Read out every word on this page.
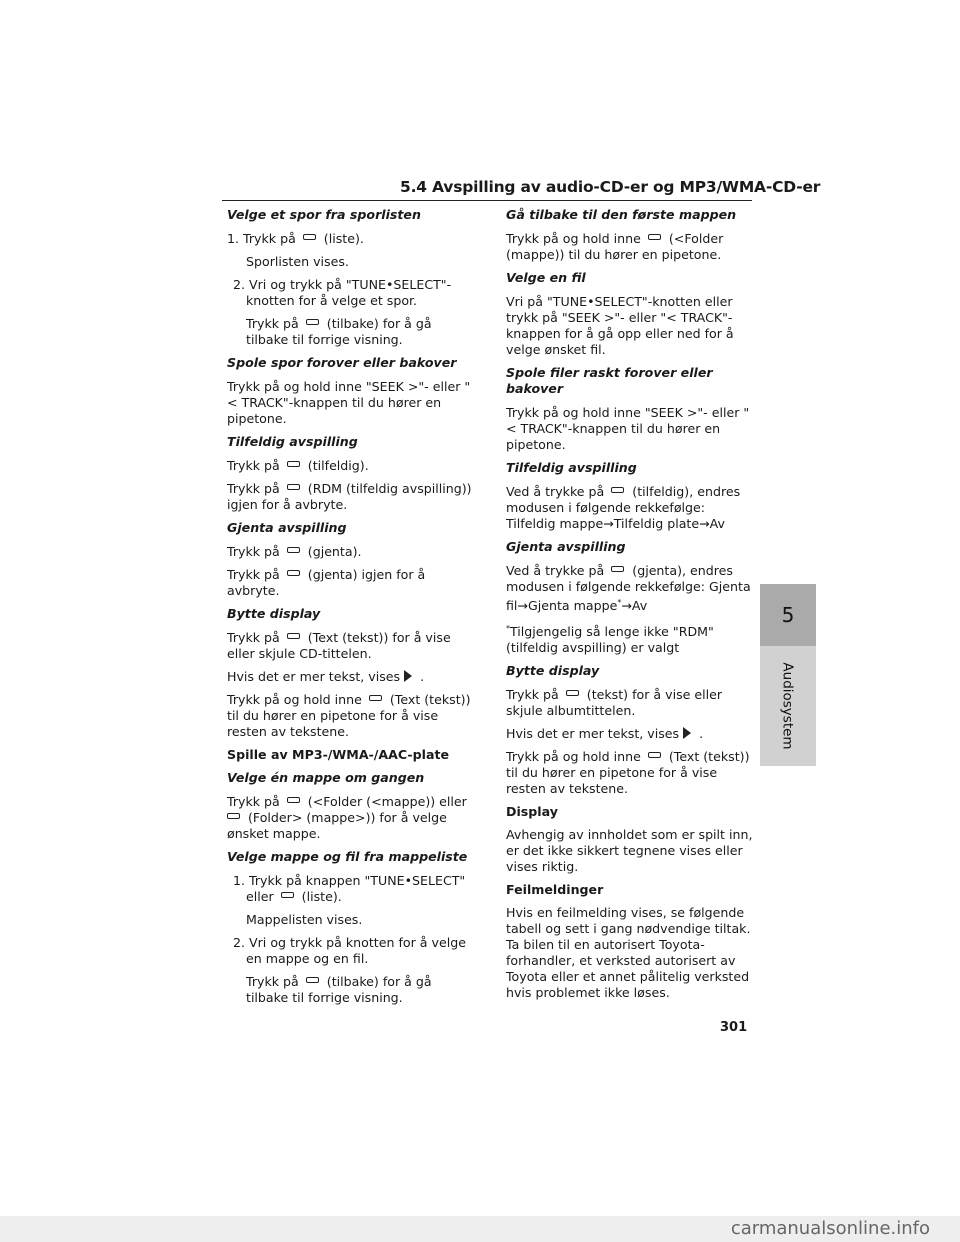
5.4 Avspilling av audio-CD-er og MP3/WMA-CD-er

Velge et spor fra sporlisten

1. Trykk på (liste).

Sporlisten vises.

2. Vri og trykk på "TUNE•SELECT"-knotten for å velge et spor.

Trykk på (tilbake) for å gå tilbake til forrige visning.

Spole spor forover eller bakover

Trykk på og hold inne "SEEK >"- eller "< TRACK"-knappen til du hører en pipetone.

Tilfeldig avspilling

Trykk på (tilfeldig).

Trykk på (RDM (tilfeldig avspilling)) igjen for å avbryte.

Gjenta avspilling

Trykk på (gjenta).

Trykk på (gjenta) igjen for å avbryte.

Bytte display

Trykk på (Text (tekst)) for å vise eller skjule CD-tittelen.

Hvis det er mer tekst, vises .

Trykk på og hold inne (Text (tekst)) til du hører en pipetone for å vise resten av tekstene.

Spille av MP3-/WMA-/AAC-plate

Velge én mappe om gangen

Trykk på (<Folder (<mappe)) eller
(Folder> (mappe>)) for å velge ønsket mappe.

Velge mappe og fil fra mappeliste

1. Trykk på knappen "TUNE•SELECT" eller (liste).

Mappelisten vises.

2. Vri og trykk på knotten for å velge en mappe og en fil.

Trykk på (tilbake) for å gå tilbake til forrige visning.

Gå tilbake til den første mappen

Trykk på og hold inne (<Folder (mappe)) til du hører en pipetone.

Velge en fil

Vri på "TUNE•SELECT"-knotten eller trykk på "SEEK >"- eller "< TRACK"-knappen for å gå opp eller ned for å velge ønsket fil.

Spole filer raskt forover eller bakover

Trykk på og hold inne "SEEK >"- eller "< TRACK"-knappen til du hører en pipetone.

Tilfeldig avspilling

Ved å trykke på (tilfeldig), endres modusen i følgende rekkefølge: Tilfeldig mappe→Tilfeldig plate→Av

Gjenta avspilling

Ved å trykke på (gjenta), endres modusen i følgende rekkefølge: Gjenta fil→Gjenta mappe*→Av

*Tilgjengelig så lenge ikke "RDM" (tilfeldig avspilling) er valgt

Bytte display

Trykk på (tekst) for å vise eller skjule albumtittelen.

Hvis det er mer tekst, vises .

Trykk på og hold inne (Text (tekst)) til du hører en pipetone for å vise resten av tekstene.

Display

Avhengig av innholdet som er spilt inn, er det ikke sikkert tegnene vises eller vises riktig.

Feilmeldinger

Hvis en feilmelding vises, se følgende tabell og sett i gang nødvendige tiltak. Ta bilen til en autorisert Toyota-forhandler, et verksted autorisert av Toyota eller et annet pålitelig verksted hvis problemet ikke løses.

5
Audiosystem
301
carmanualsonline.info
